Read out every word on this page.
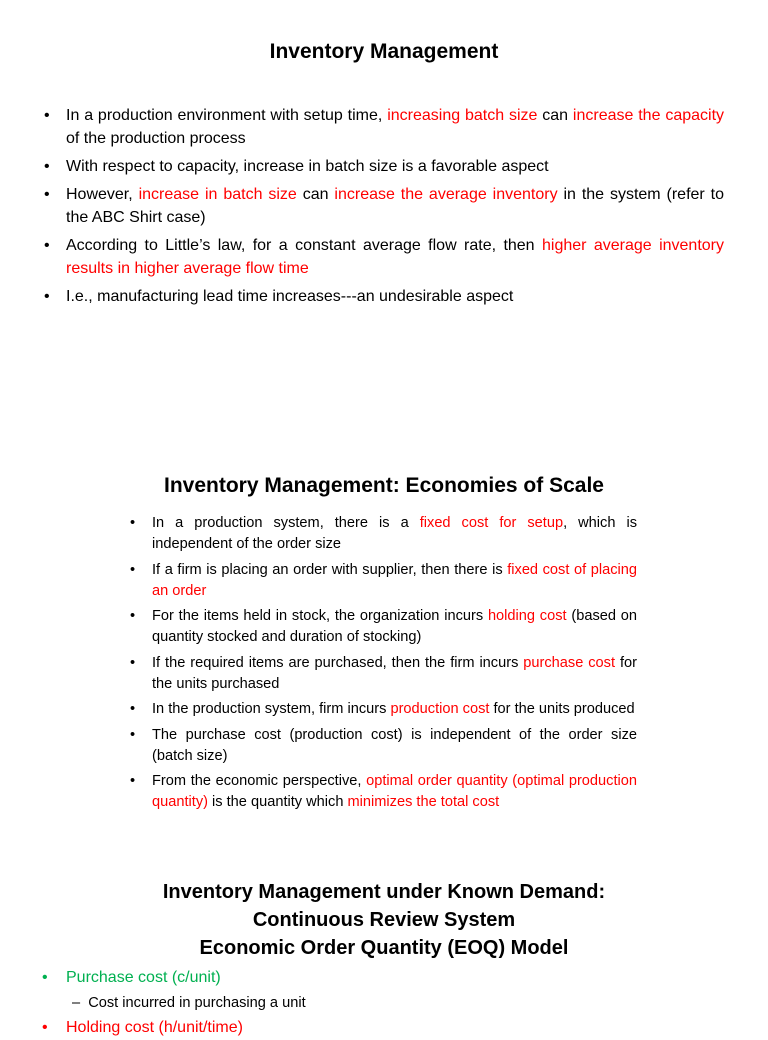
Inventory Management
• In a production environment with setup time, increasing batch size can increase the capacity of the production process
• With respect to capacity, increase in batch size is a favorable aspect
• However, increase in batch size can increase the average inventory in the system (refer to the ABC Shirt case)
• According to Little’s law, for a constant average flow rate, then higher average inventory results in higher average flow time
• I.e., manufacturing lead time increases---an undesirable aspect
Inventory Management: Economies of Scale
• In a production system, there is a fixed cost for setup, which is independent of the order size
• If a firm is placing an order with supplier, then there is fixed cost of placing an order
• For the items held in stock, the organization incurs holding cost (based on quantity stocked and duration of stocking)
• If the required items are purchased, then the firm incurs purchase cost for the units purchased
• In the production system, firm incurs production cost for the units produced
• The purchase cost (production cost) is independent of the order size (batch size)
• From the economic perspective, optimal order quantity (optimal production quantity) is the quantity which minimizes the total cost
Inventory Management under Known Demand:
Continuous Review System
Economic Order Quantity (EOQ) Model
• Purchase cost (c/unit)
– Cost incurred in purchasing a unit
• Holding cost (h/unit/time)
